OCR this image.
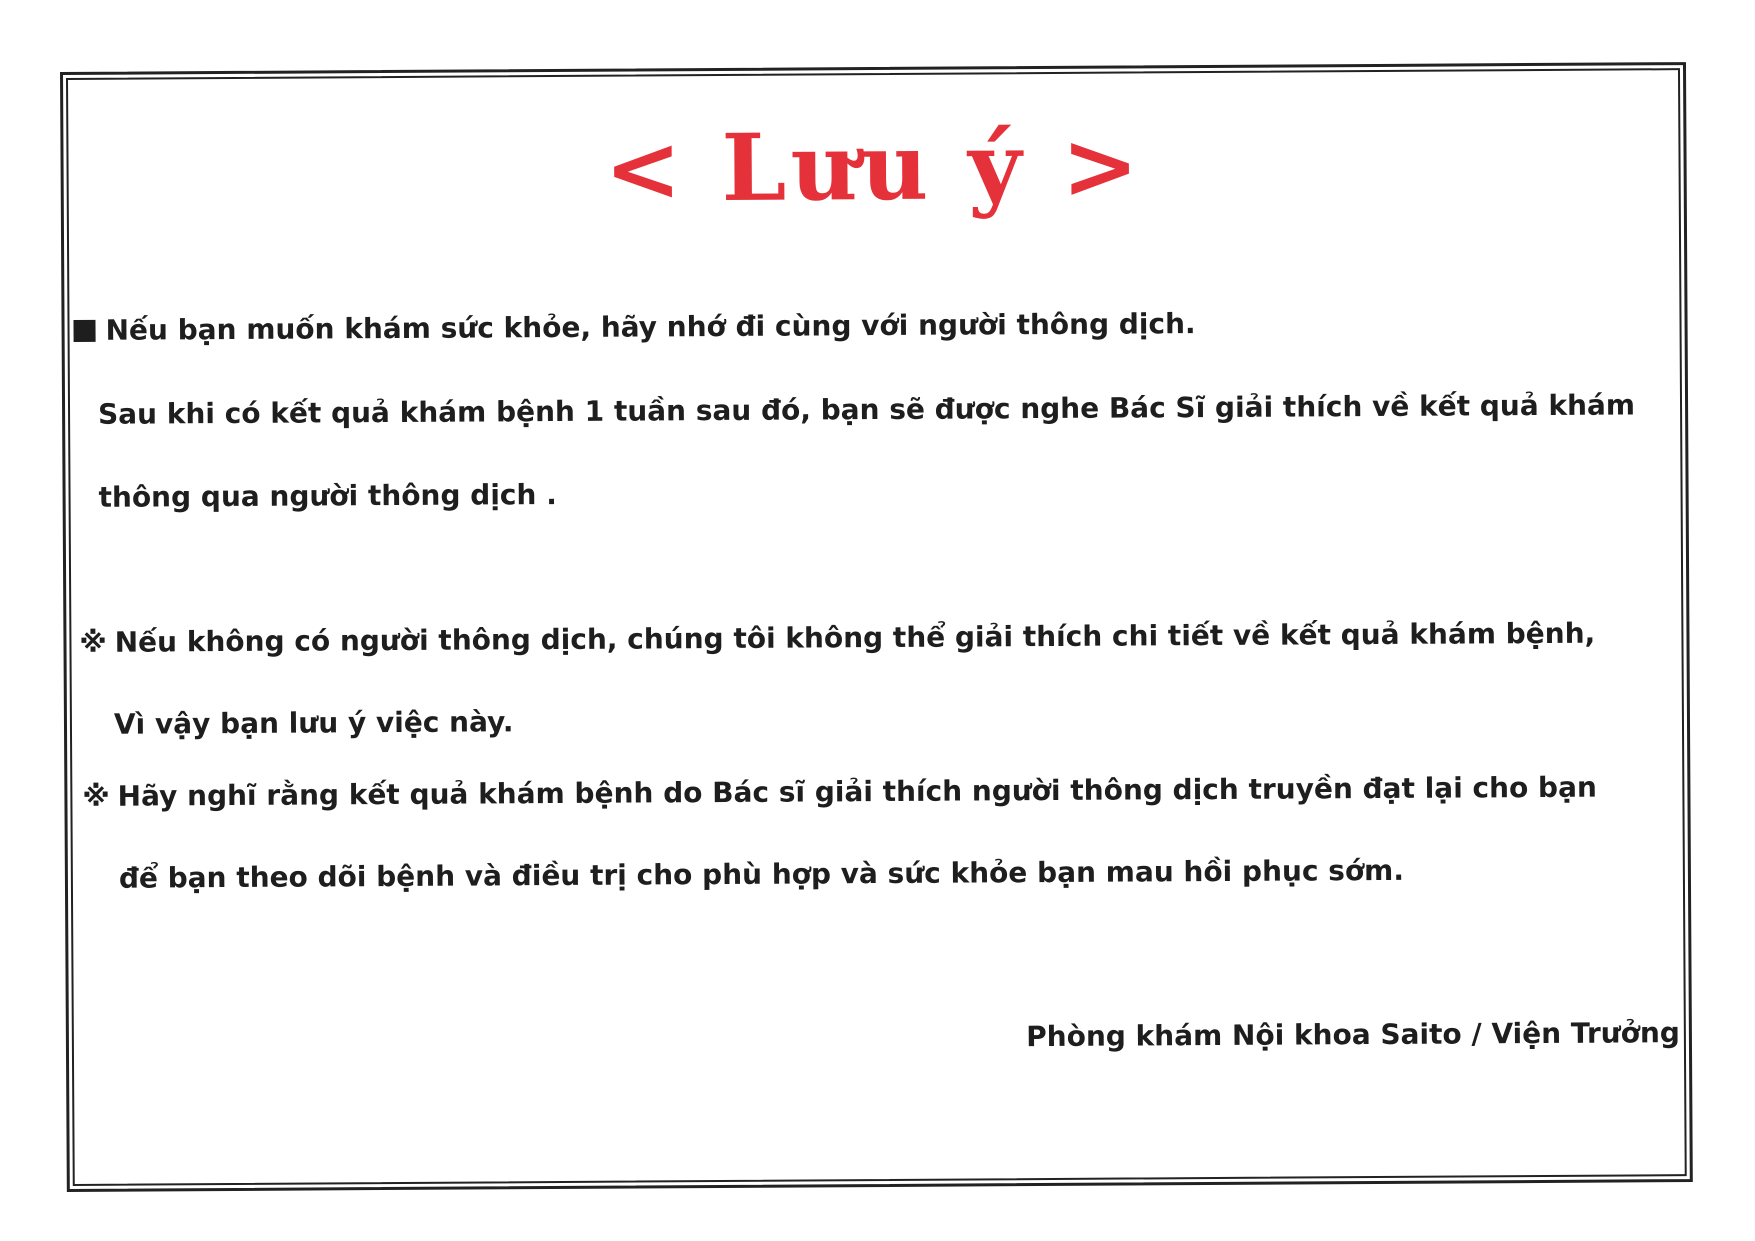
< Lưu ý >
Nếu bạn muốn khám sức khỏe, hãy nhớ đi cùng với người thông dịch.
Sau khi có kết quả khám bệnh 1 tuần sau đó, bạn sẽ được nghe Bác Sĩ giải thích về kết quả khám
thông qua người thông dịch .
※ Nếu không có người thông dịch, chúng tôi không thể giải thích chi tiết về kết quả khám bệnh,
Vì vậy bạn lưu ý việc này.
※ Hãy nghĩ rằng kết quả khám bệnh do Bác sĩ giải thích người thông dịch truyền đạt lại cho bạn
để bạn theo dõi bệnh và điều trị cho phù hợp và sức khỏe bạn mau hồi phục sớm.
Phòng khám Nội khoa Saito / Viện Trưởng
